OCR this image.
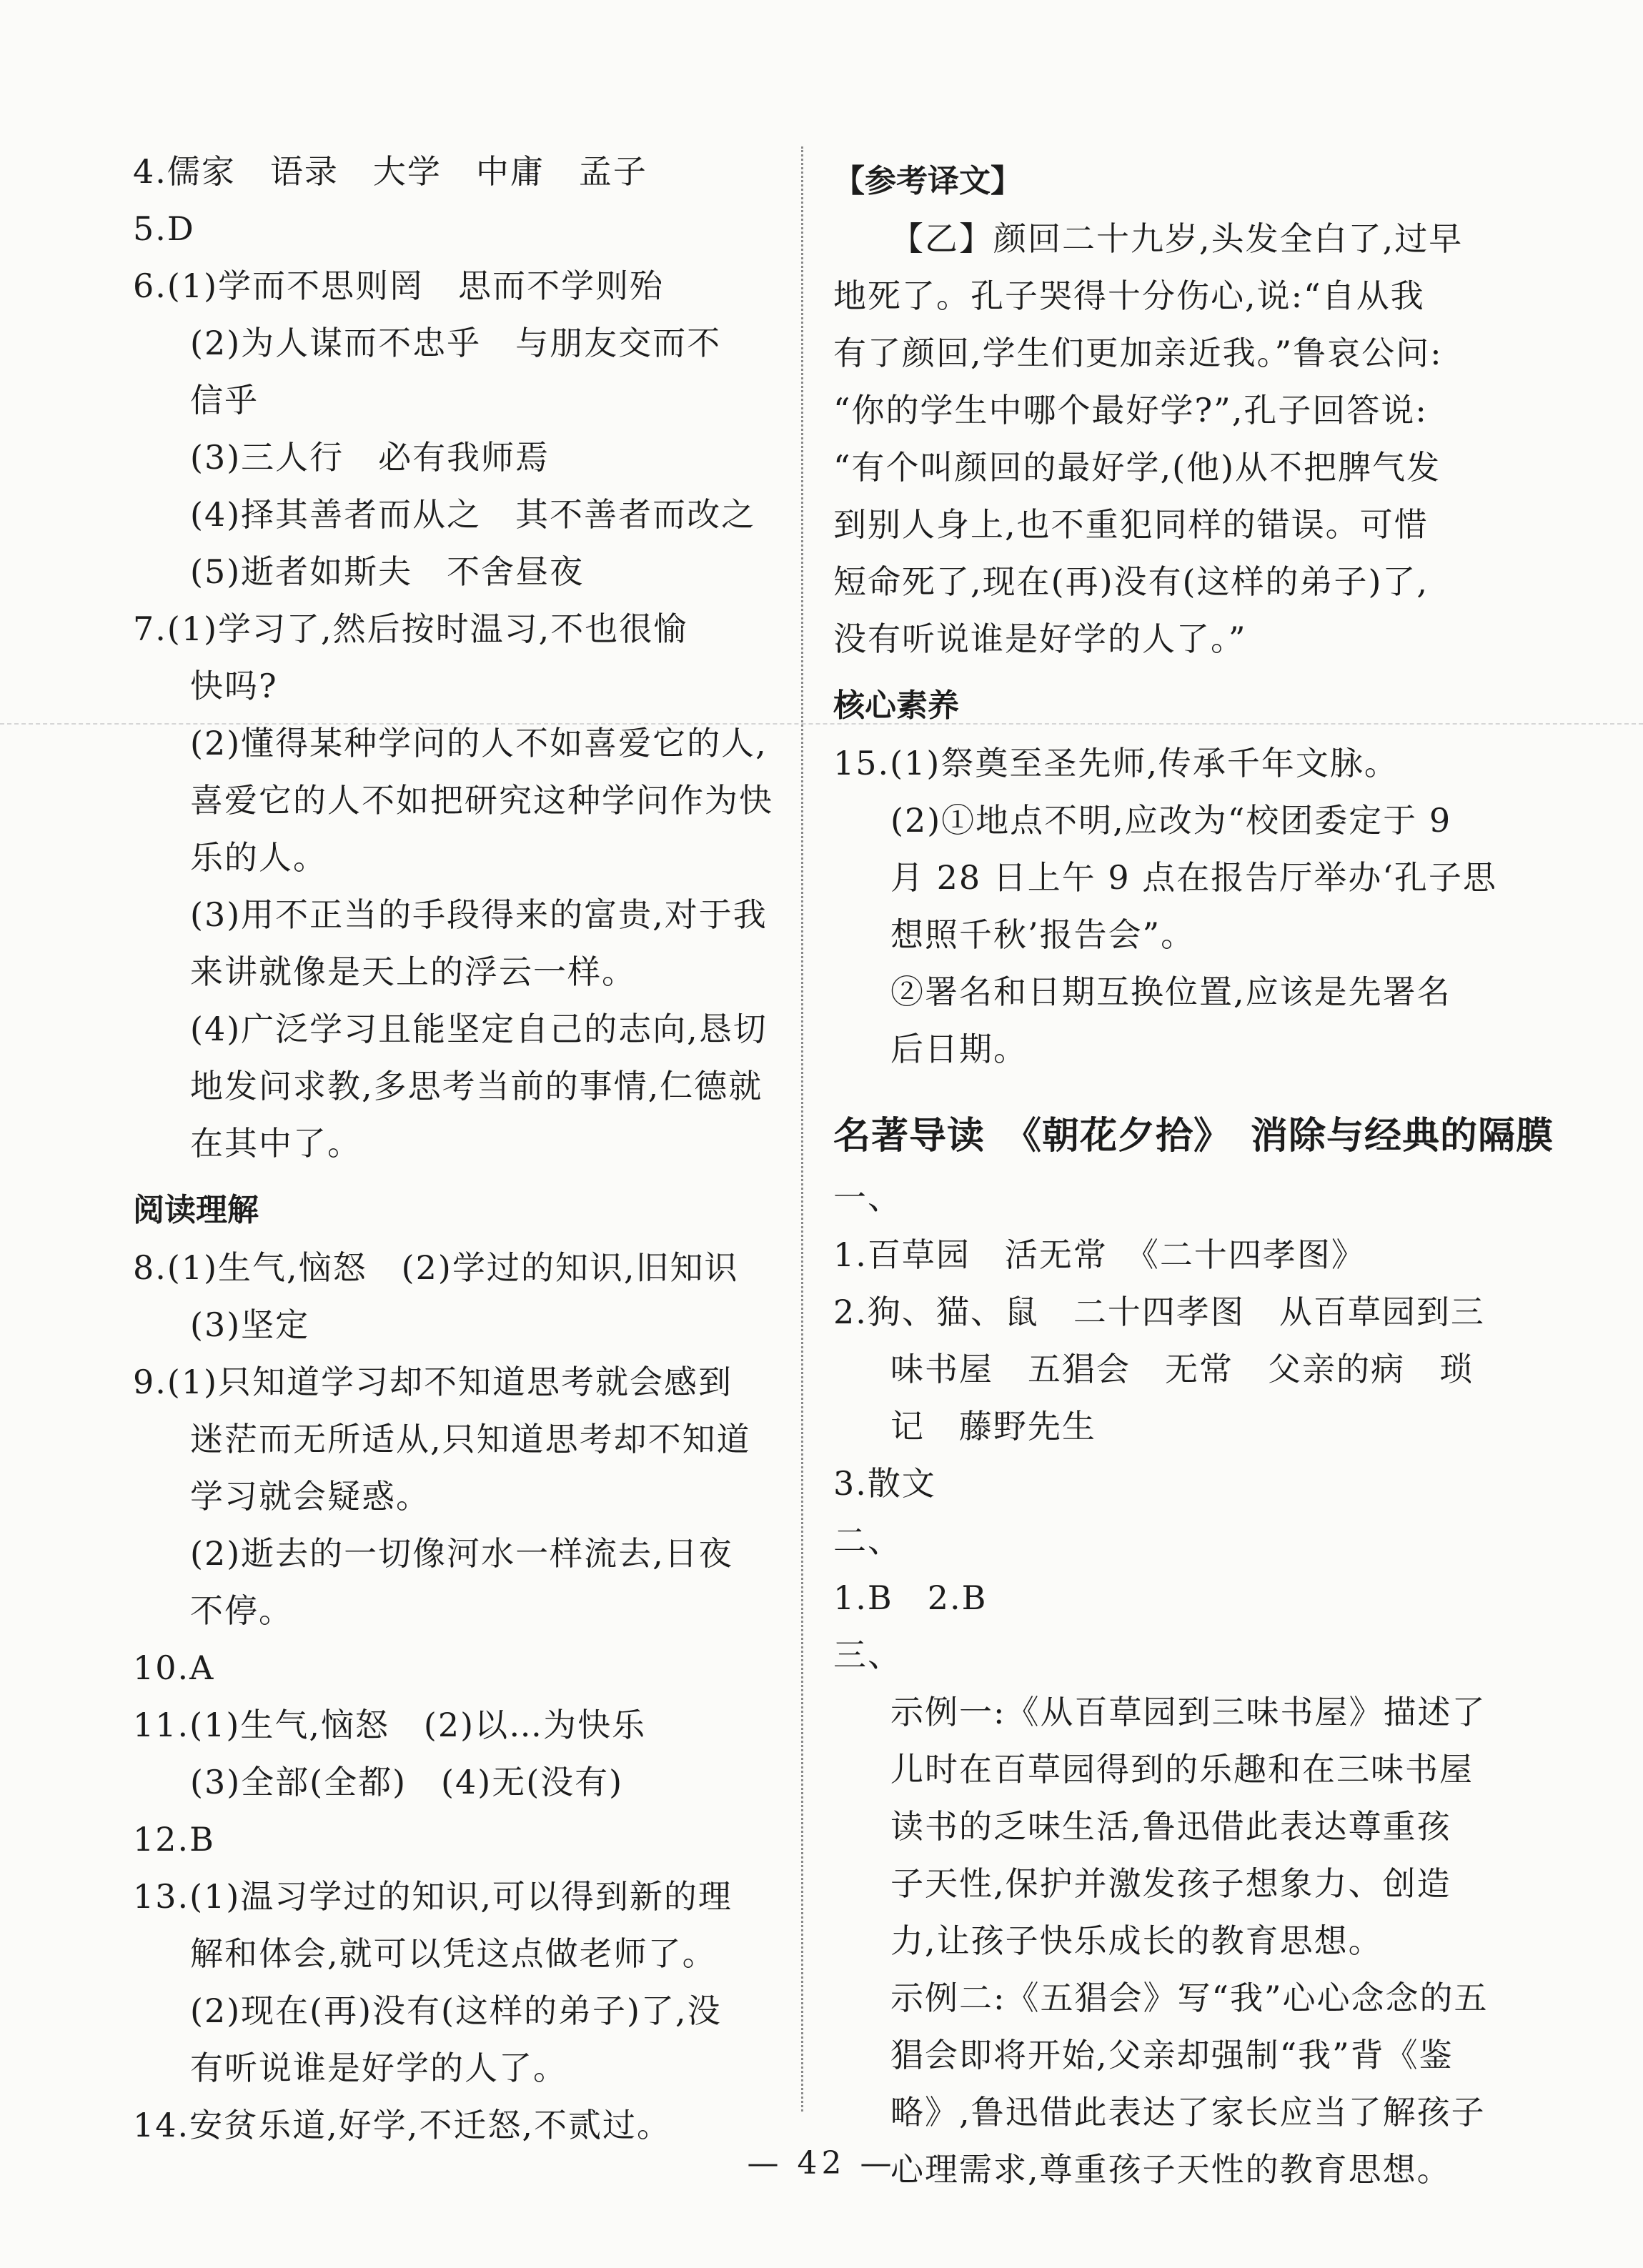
4.儒家　语录　大学　中庸　孟子
5.D
6.(1)学而不思则罔　思而不学则殆
(2)为人谋而不忠乎　与朋友交而不
信乎
(3)三人行　必有我师焉
(4)择其善者而从之　其不善者而改之
(5)逝者如斯夫　不舍昼夜
7.(1)学习了,然后按时温习,不也很愉
快吗?
(2)懂得某种学问的人不如喜爱它的人,
喜爱它的人不如把研究这种学问作为快
乐的人。
(3)用不正当的手段得来的富贵,对于我
来讲就像是天上的浮云一样。
(4)广泛学习且能坚定自己的志向,恳切
地发问求教,多思考当前的事情,仁德就
在其中了。
阅读理解
8.(1)生气,恼怒　(2)学过的知识,旧知识
(3)坚定
9.(1)只知道学习却不知道思考就会感到
迷茫而无所适从,只知道思考却不知道
学习就会疑惑。
(2)逝去的一切像河水一样流去,日夜
不停。
10.A
11.(1)生气,恼怒　(2)以…为快乐
(3)全部(全都)　(4)无(没有)
12.B
13.(1)温习学过的知识,可以得到新的理
解和体会,就可以凭这点做老师了。
(2)现在(再)没有(这样的弟子)了,没
有听说谁是好学的人了。
14.安贫乐道,好学,不迁怒,不贰过。
【参考译文】
【乙】颜回二十九岁,头发全白了,过早
地死了。孔子哭得十分伤心,说:“自从我
有了颜回,学生们更加亲近我。”鲁哀公问:
“你的学生中哪个最好学?”,孔子回答说:
“有个叫颜回的最好学,(他)从不把脾气发
到别人身上,也不重犯同样的错误。可惜
短命死了,现在(再)没有(这样的弟子)了,
没有听说谁是好学的人了。”
核心素养
15.(1)祭奠至圣先师,传承千年文脉。
(2)①地点不明,应改为“校团委定于 9
月 28 日上午 9 点在报告厅举办‘孔子思
想照千秋’报告会”。
②署名和日期互换位置,应该是先署名
后日期。
名著导读　《朝花夕拾》　消除与经典的隔膜
一、
1.百草园　活无常　《二十四孝图》
2.狗、猫、鼠　二十四孝图　从百草园到三
味书屋　五猖会　无常　父亲的病　琐
记　藤野先生
3.散文
二、
1.B　2.B
三、
示例一:《从百草园到三味书屋》描述了
儿时在百草园得到的乐趣和在三味书屋
读书的乏味生活,鲁迅借此表达尊重孩
子天性,保护并激发孩子想象力、创造
力,让孩子快乐成长的教育思想。
示例二:《五猖会》写“我”心心念念的五
猖会即将开始,父亲却强制“我”背《鉴
略》,鲁迅借此表达了家长应当了解孩子
心理需求,尊重孩子天性的教育思想。
— 42 —
